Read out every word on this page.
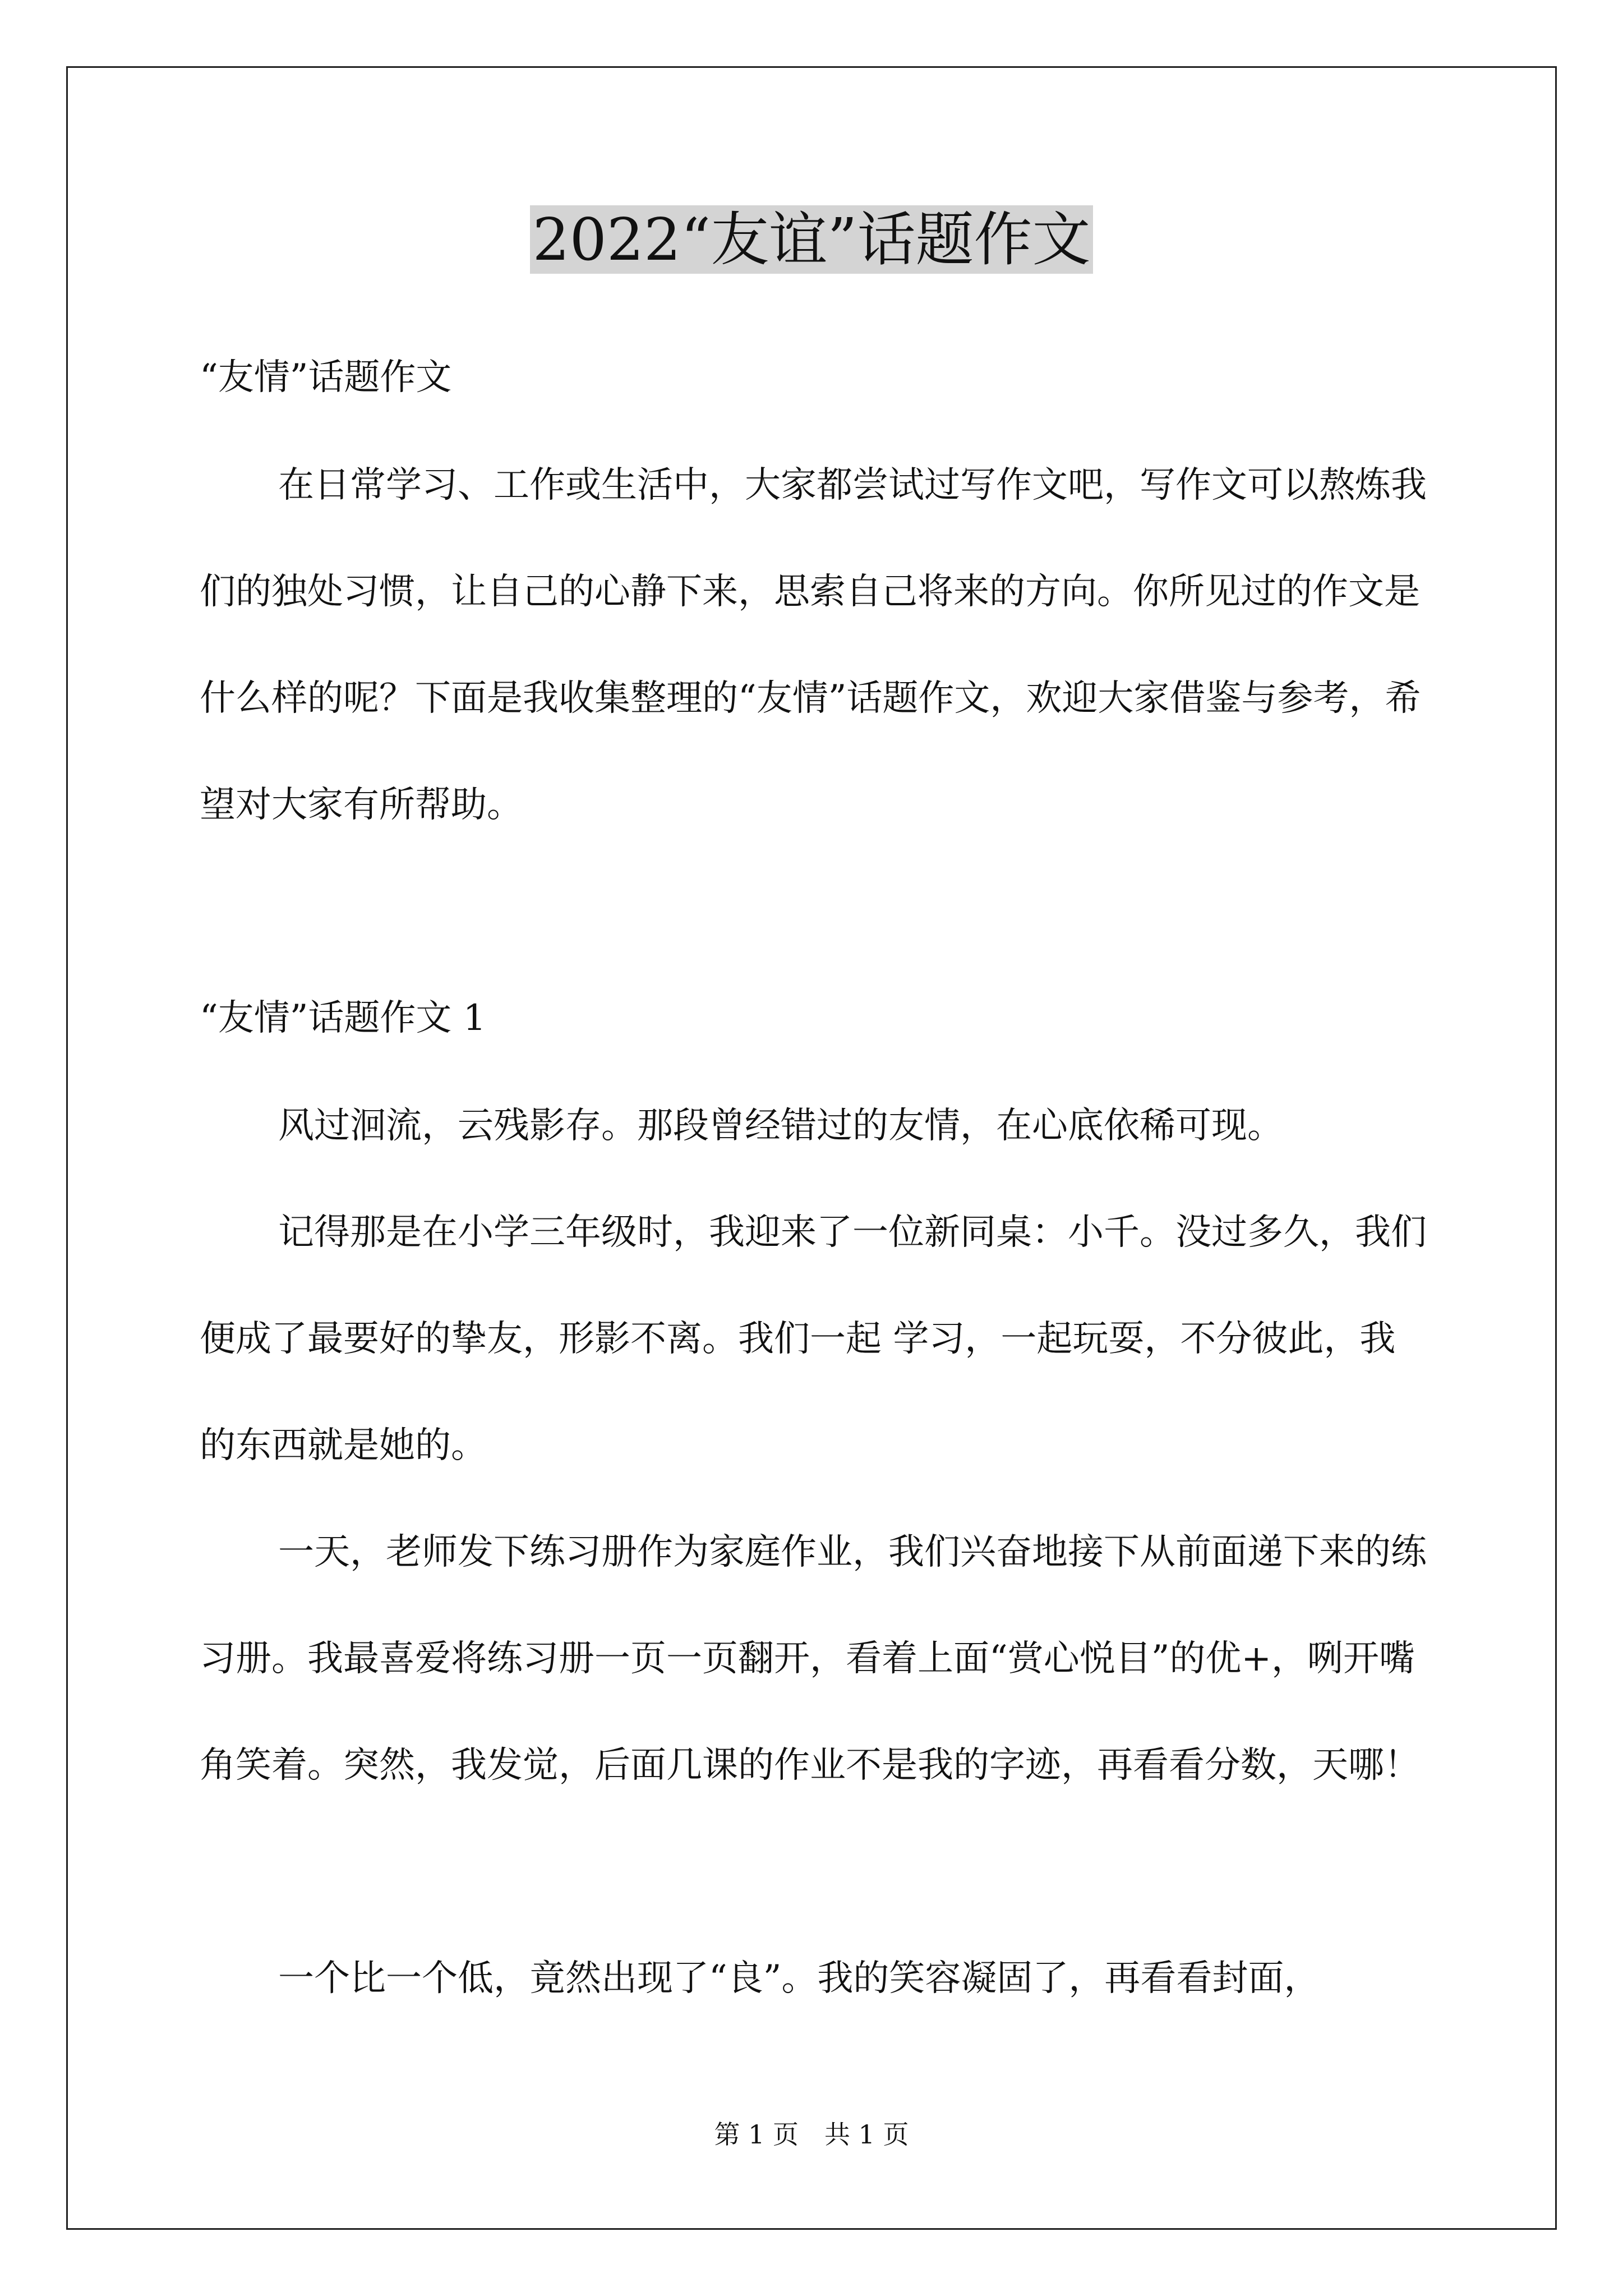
2022“友谊”话题作文
“友情”话题作文

在日常学习、工作或生活中，大家都尝试过写作文吧，写作文可以熬炼我们的独处习惯，让自己的心静下来，思索自己将来的方向。你所见过的作文是什么样的呢？下面是我收集整理的“友情”话题作文，欢迎大家借鉴与参考，希望对大家有所帮助。

“友情”话题作文 1

风过洄流，云残影存。那段曾经错过的友情，在心底依稀可现。

记得那是在小学三年级时，我迎来了一位新同桌：小千。没过多久，我们便成了最要好的挚友，形影不离。我们一起 学习，一起玩耍，不分彼此，我的东西就是她的。

一天，老师发下练习册作为家庭作业，我们兴奋地接下从前面递下来的练习册。我最喜爱将练习册一页一页翻开，看着上面“赏心悦目”的优+，咧开嘴角笑着。突然，我发觉，后面几课的作业不是我的字迹，再看看分数，天哪！

一个比一个低，竟然出现了“良”。我的笑容凝固了，再看看封面，

第 1 页　共 1 页
